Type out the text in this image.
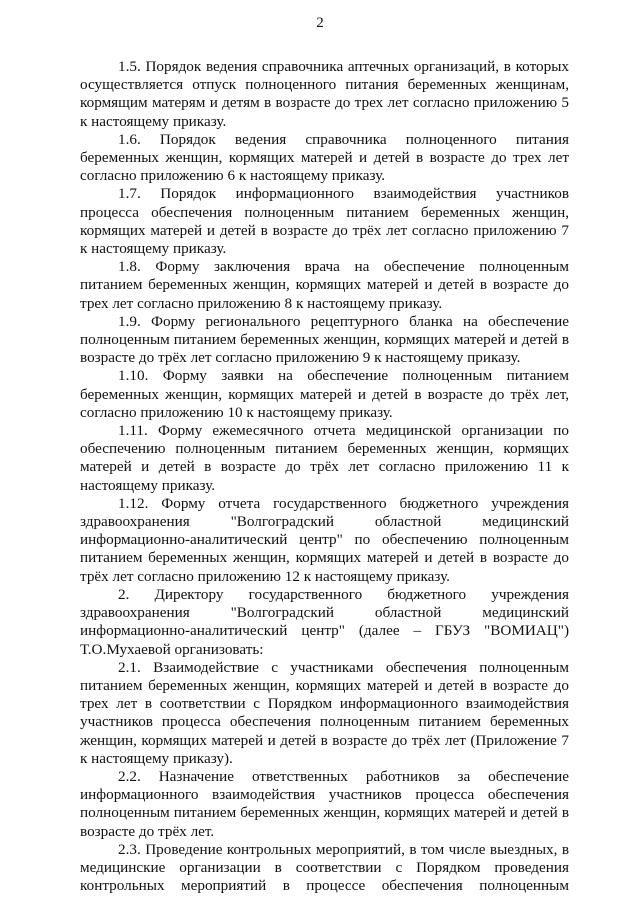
2

1.5. Порядок ведения справочника аптечных организаций, в которых осуществляется отпуск полноценного питания беременных женщинам, кормящим матерям и детям в возрасте до трех лет согласно приложению 5 к настоящему приказу.

1.6. Порядок ведения справочника полноценного питания беременных женщин, кормящих матерей и детей в возрасте до трех лет согласно приложению 6 к настоящему приказу.

1.7. Порядок информационного взаимодействия участников процесса обеспечения полноценным питанием беременных женщин, кормящих матерей и детей в возрасте до трёх лет согласно приложению 7 к настоящему приказу.

1.8. Форму заключения врача на обеспечение полноценным питанием беременных женщин, кормящих матерей и детей в возрасте до трех лет согласно приложению 8 к настоящему приказу.

1.9. Форму регионального рецептурного бланка на обеспечение полноценным питанием беременных женщин, кормящих матерей и детей в возрасте до трёх лет согласно приложению 9 к настоящему приказу.

1.10. Форму заявки на обеспечение полноценным питанием беременных женщин, кормящих матерей и детей в возрасте до трёх лет, согласно приложению 10 к настоящему приказу.

1.11. Форму ежемесячного отчета медицинской организации по обеспечению полноценным питанием беременных женщин, кормящих матерей и детей в возрасте до трёх лет согласно приложению 11 к настоящему приказу.

1.12. Форму отчета государственного бюджетного учреждения здравоохранения "Волгоградский областной медицинский информационно-аналитический центр" по обеспечению полноценным питанием беременных женщин, кормящих матерей и детей в возрасте до трёх лет согласно приложению 12 к настоящему приказу.

2. Директору государственного бюджетного учреждения здравоохранения "Волгоградский областной медицинский информационно-аналитический центр" (далее – ГБУЗ "ВОМИАЦ") Т.О.Мухаевой организовать:

2.1. Взаимодействие с участниками обеспечения полноценным питанием беременных женщин, кормящих матерей и детей в возрасте до трех лет в соответствии с Порядком информационного взаимодействия участников процесса обеспечения полноценным питанием беременных женщин, кормящих матерей и детей в возрасте до трёх лет (Приложение 7 к настоящему приказу).

2.2. Назначение ответственных работников за обеспечение информационного взаимодействия участников процесса обеспечения полноценным питанием беременных женщин, кормящих матерей и детей в возрасте до трёх лет.

2.3. Проведение контрольных мероприятий, в том числе выездных, в медицинские организации в соответствии с Порядком проведения контрольных мероприятий в процессе обеспечения полноценным
